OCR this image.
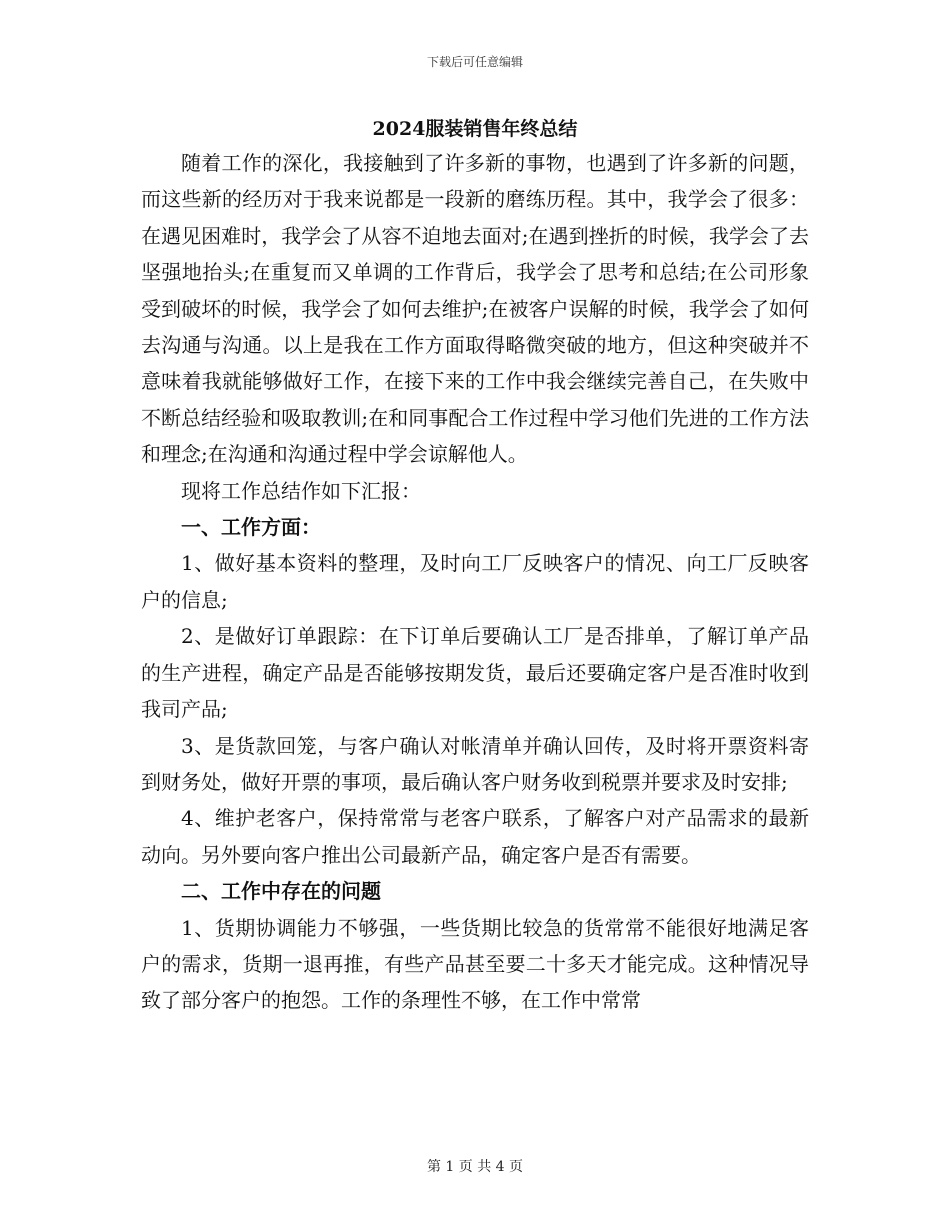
下载后可任意编辑
2024服装销售年终总结

随着工作的深化，我接触到了许多新的事物，也遇到了许多新的问题，而这些新的经历对于我来说都是一段新的磨练历程。其中，我学会了很多：在遇见困难时，我学会了从容不迫地去面对;在遇到挫折的时候，我学会了去坚强地抬头;在重复而又单调的工作背后，我学会了思考和总结;在公司形象受到破坏的时候，我学会了如何去维护;在被客户误解的时候，我学会了如何去沟通与沟通。以上是我在工作方面取得略微突破的地方，但这种突破并不意味着我就能够做好工作，在接下来的工作中我会继续完善自己，在失败中不断总结经验和吸取教训;在和同事配合工作过程中学习他们先进的工作方法和理念;在沟通和沟通过程中学会谅解他人。

现将工作总结作如下汇报：

一、工作方面：

1、做好基本资料的整理，及时向工厂反映客户的情况、向工厂反映客户的信息;

2、是做好订单跟踪：在下订单后要确认工厂是否排单，了解订单产品的生产进程，确定产品是否能够按期发货，最后还要确定客户是否准时收到我司产品;

3、是货款回笼，与客户确认对帐清单并确认回传，及时将开票资料寄到财务处，做好开票的事项，最后确认客户财务收到税票并要求及时安排;

4、维护老客户，保持常常与老客户联系，了解客户对产品需求的最新动向。另外要向客户推出公司最新产品，确定客户是否有需要。

二、工作中存在的问题

1、货期协调能力不够强，一些货期比较急的货常常不能很好地满足客户的需求，货期一退再推，有些产品甚至要二十多天才能完成。这种情况导致了部分客户的抱怨。工作的条理性不够，在工作中常常

第 1 页 共 4 页
